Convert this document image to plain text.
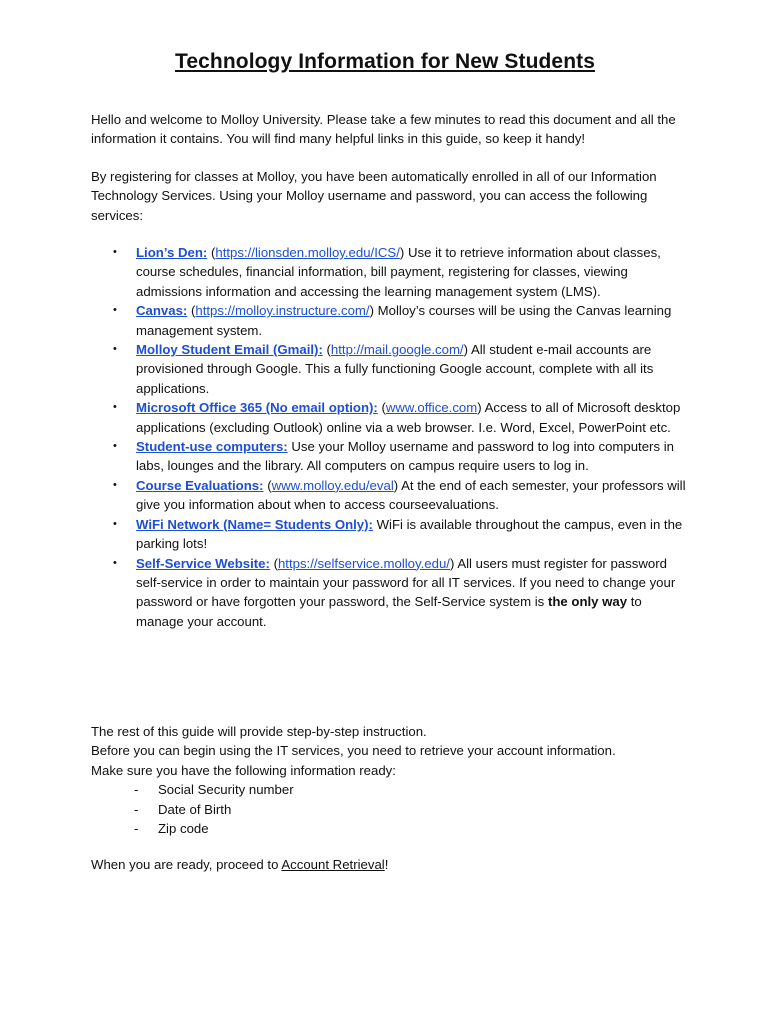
Technology Information for New Students

Hello and welcome to Molloy University. Please take a few minutes to read this document and all the information it contains. You will find many helpful links in this guide, so keep it handy!

By registering for classes at Molloy, you have been automatically enrolled in all of our Information Technology Services. Using your Molloy username and password, you can access the following services:

• Lion’s Den: (https://lionsden.molloy.edu/ICS/) Use it to retrieve information about classes, course schedules, financial information, bill payment, registering for classes, viewing admissions information and accessing the learning management system (LMS).
• Canvas: (https://molloy.instructure.com/) Molloy’s courses will be using the Canvas learning management system.
• Molloy Student Email (Gmail): (http://mail.google.com/) All student e-mail accounts are provisioned through Google. This a fully functioning Google account, complete with all its applications.
• Microsoft Office 365 (No email option): (www.office.com) Access to all of Microsoft desktop applications (excluding Outlook) online via a web browser. I.e. Word, Excel, PowerPoint etc.
• Student-use computers: Use your Molloy username and password to log into computers in labs, lounges and the library. All computers on campus require users to log in.
• Course Evaluations: (www.molloy.edu/eval) At the end of each semester, your professors will give you information about when to access courseevaluations.
• WiFi Network (Name= Students Only): WiFi is available throughout the campus, even in the parking lots!
• Self-Service Website: (https://selfservice.molloy.edu/) All users must register for password self-service in order to maintain your password for all IT services. If you need to change your password or have forgotten your password, the Self-Service system is the only way to manage your account.

The rest of this guide will provide step-by-step instruction.

Before you can begin using the IT services, you need to retrieve your account information.

Make sure you have the following information ready:

- Social Security number
- Date of Birth
- Zip code
When you are ready, proceed to Account Retrieval!
